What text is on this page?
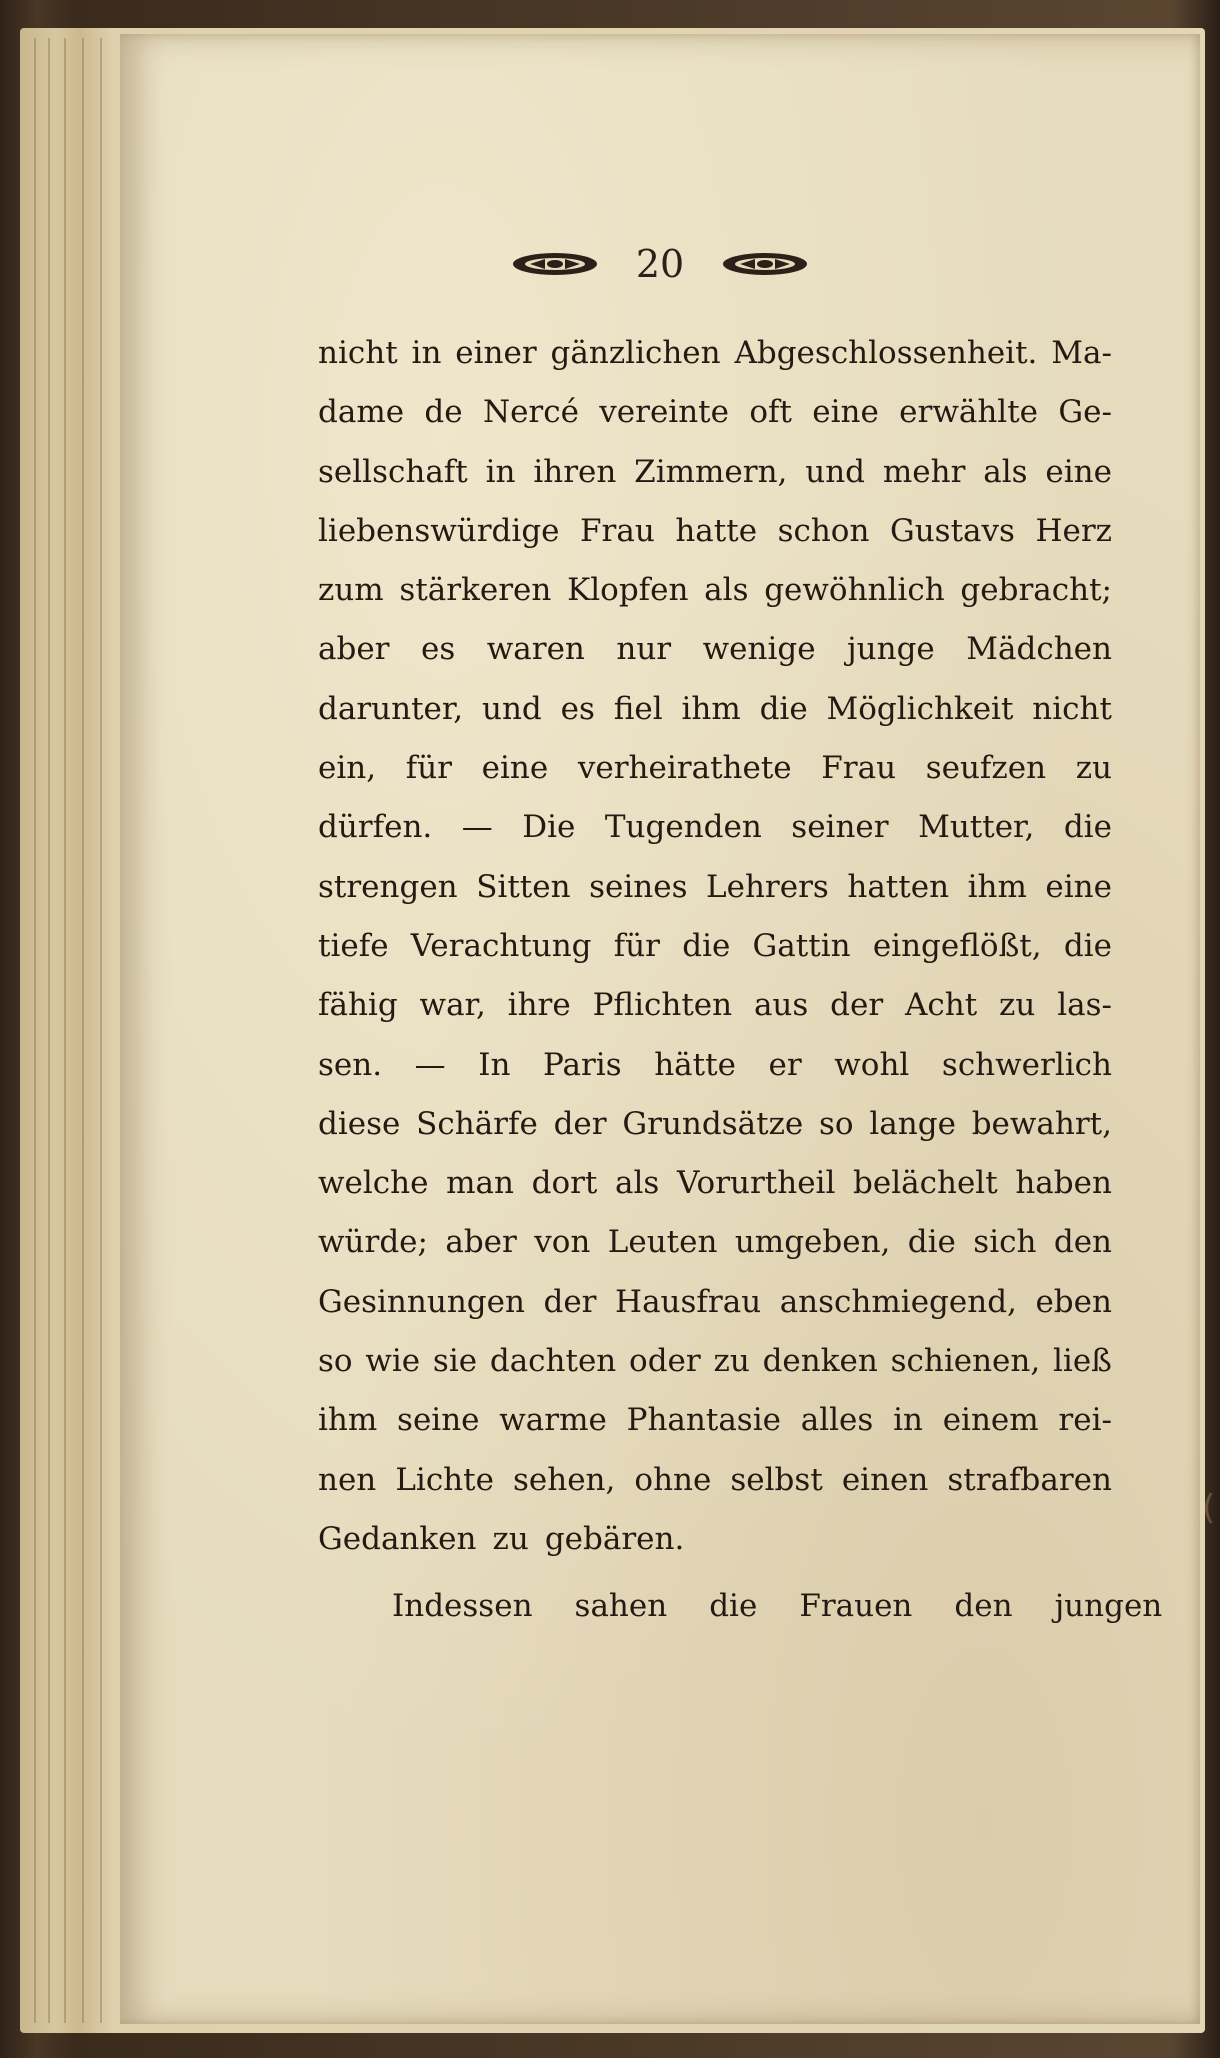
20
nicht in einer gänzlichen Abgeschlossenheit. Ma-
dame de Nercé vereinte oft eine erwählte Ge-
sellschaft in ihren Zimmern, und mehr als eine
liebenswürdige Frau hatte schon Gustavs Herz
zum stärkeren Klopfen als gewöhnlich gebracht;
aber es waren nur wenige junge Mädchen
darunter, und es fiel ihm die Möglichkeit nicht
ein, für eine verheirathete Frau seufzen zu
dürfen. — Die Tugenden seiner Mutter, die
strengen Sitten seines Lehrers hatten ihm eine
tiefe Verachtung für die Gattin eingeflößt, die
fähig war, ihre Pflichten aus der Acht zu las-
sen. — In Paris hätte er wohl schwerlich
diese Schärfe der Grundsätze so lange bewahrt,
welche man dort als Vorurtheil belächelt haben
würde; aber von Leuten umgeben, die sich den
Gesinnungen der Hausfrau anschmiegend, eben
so wie sie dachten oder zu denken schienen, ließ
ihm seine warme Phantasie alles in einem rei-
nen Lichte sehen, ohne selbst einen strafbaren
Gedanken zu gebären.
Indessen sahen die Frauen den jungen
(
